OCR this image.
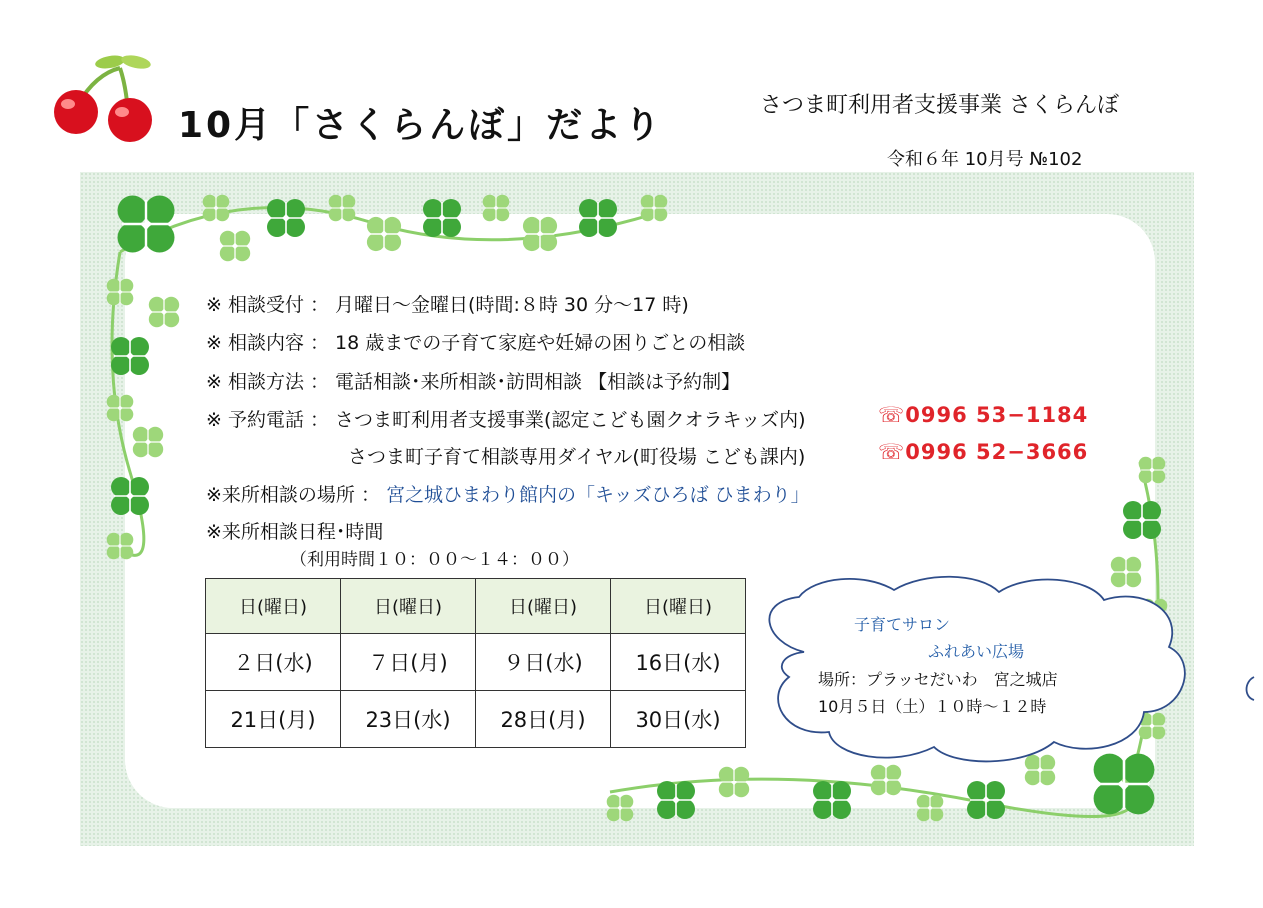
10月「さくらんぼ」だより	さつま町利用者支援事業 さくらんぼ
令和６年 10月号 №102
※ 相談受付 ： 月曜日～金曜日(時間:８時 30 分～17 時)
※ 相談内容 ： 18 歳までの子育て家庭や妊婦の困りごとの相談
※ 相談方法 ： 電話相談･来所相談･訪問相談 【相談は予約制】
※ 予約電話 ： さつま町利用者支援事業(認定こども園クオラキッズ内)	☏0996 53−1184
さつま町子育て相談専用ダイヤル(町役場 こども課内)	☏0996 52−3666
※来所相談の場所 ： 宮之城ひまわり館内の「キッズひろば ひまわり」
※来所相談日程･時間
（利用時間１０：００～１４：００）
日(曜日)	日(曜日)	日(曜日)	日(曜日)
２日(水)	７日(月)	９日(水)	16日(水)
21日(月)	23日(水)	28日(月)	30日(水)
子育てサロン
ふれあい広場
場所：プラッセだいわ　宮之城店
10月５日（土）１０時～１２時
